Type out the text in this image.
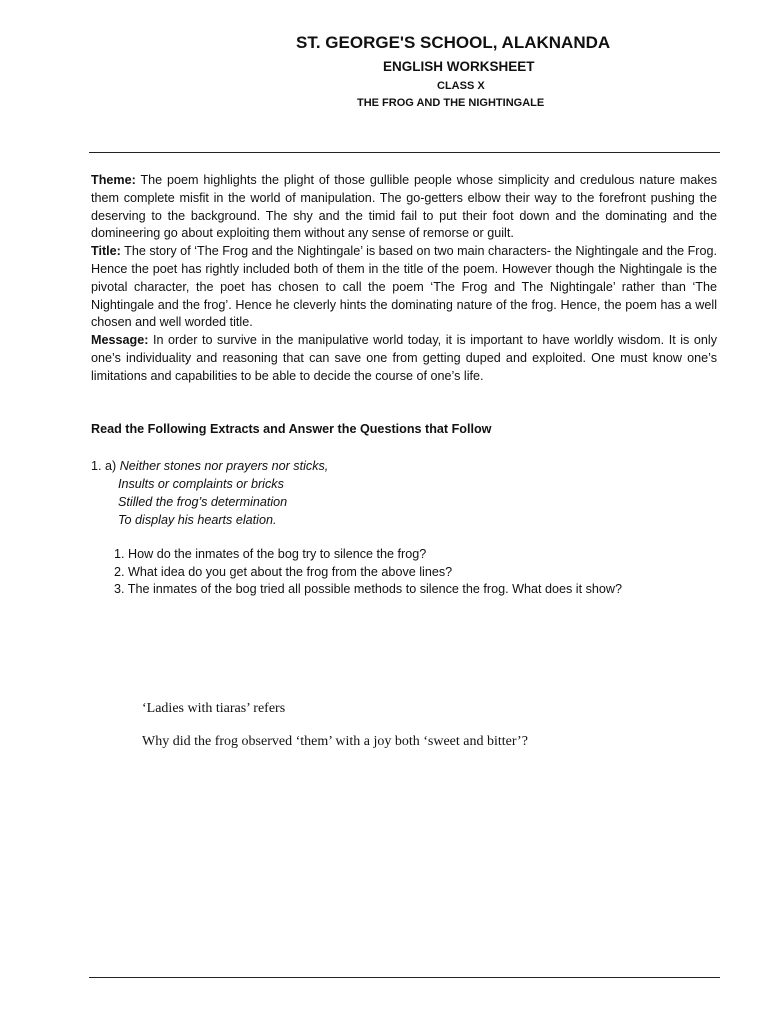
ST. GEORGE'S SCHOOL, ALAKNANDA
ENGLISH WORKSHEET
CLASS X
THE FROG AND THE NIGHTINGALE

Theme: The poem highlights the plight of those gullible people whose simplicity and credulous nature makes them complete misfit in the world of manipulation. The go-getters elbow their way to the forefront pushing the deserving to the background. The shy and the timid fail to put their foot down and the dominating and the domineering go about exploiting them without any sense of remorse or guilt.

Title: The story of ‘The Frog and the Nightingale’ is based on two main characters- the Nightingale and the Frog. Hence the poet has rightly included both of them in the title of the poem. However though the Nightingale is the pivotal character, the poet has chosen to call the poem ‘The Frog and The Nightingale’ rather than ‘The Nightingale and the frog’. Hence he cleverly hints the dominating nature of the frog. Hence, the poem has a well chosen and well worded title.

Message: In order to survive in the manipulative world today, it is important to have worldly wisdom. It is only one’s individuality and reasoning that can save one from getting duped and exploited. One must know one’s limitations and capabilities to be able to decide the course of one’s life.

Read the Following Extracts and Answer the Questions that Follow
1. a) Neither stones nor prayers nor sticks,
Insults or complaints or bricks
Stilled the frog’s determination
To display his hearts elation.
1. How do the inmates of the bog try to silence the frog?
2. What idea do you get about the frog from the above lines?
3. The inmates of the bog tried all possible methods to silence the frog. What does it show?
‘Ladies with tiaras’ refers
Why did the frog observed ‘them’ with a joy both ‘sweet and bitter’?
